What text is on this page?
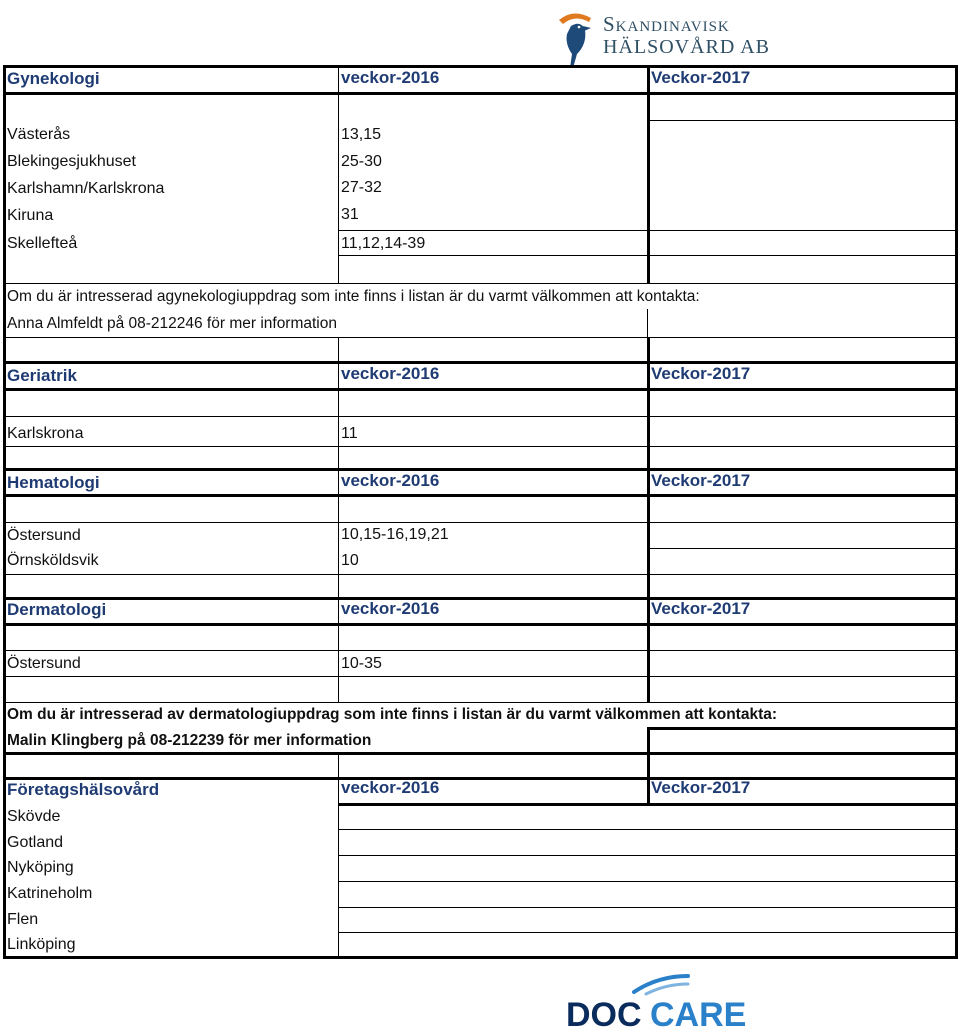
Skandinavisk
HÄLSOVÅRD AB
Gynekologi	veckor-2016	Veckor-2017
Västerås	13,15
Blekingesjukhuset	25-30
Karlshamn/Karlskrona	27-32
Kiruna	31
Skellefteå	11,12,14-39
Om du är intresserad agynekologiuppdrag som inte finns i listan är du varmt välkommen att kontakta:
Anna Almfeldt på 08-212246 för mer information
Geriatrik	veckor-2016	Veckor-2017
Karlskrona	11
Hematologi	veckor-2016	Veckor-2017
Östersund	10,15-16,19,21
Örnsköldsvik	10
Dermatologi	veckor-2016	Veckor-2017
Östersund	10-35
Om du är intresserad av dermatologiuppdrag som inte finns i listan är du varmt välkommen att kontakta:
Malin Klingberg på 08-212239 för mer information
Företagshälsovård	veckor-2016	Veckor-2017
Skövde
Gotland
Nyköping
Katrineholm
Flen
Linköping
DOC CARE
